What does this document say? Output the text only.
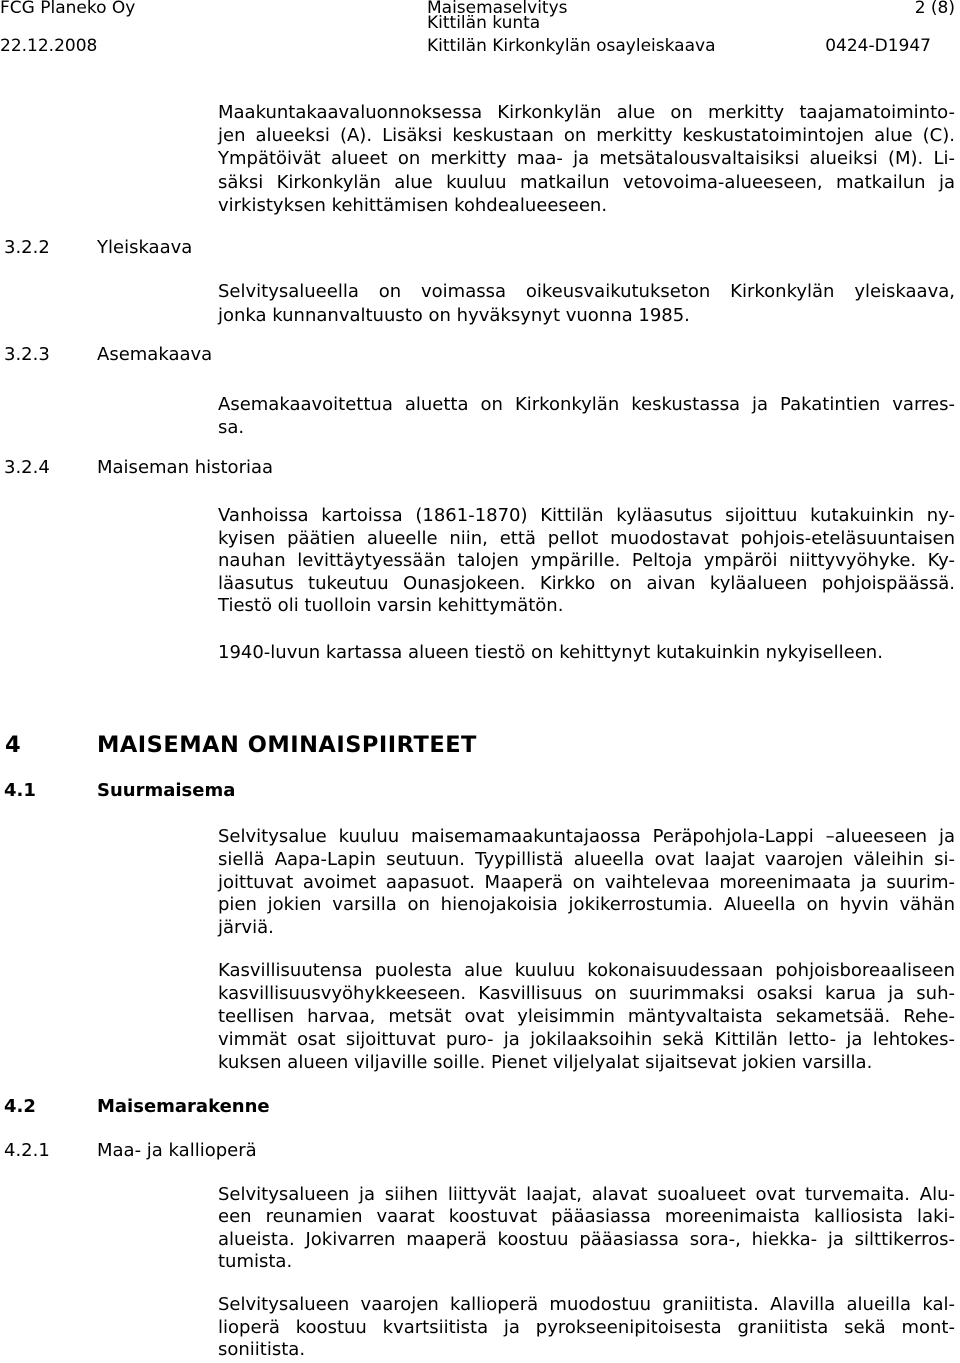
FCG Planeko Oy	Maisemaselvitys	2 (8)
Kittilän kunta
22.12.2008	Kittilän Kirkonkylän osayleiskaava	0424-D1947
Maakuntakaavaluonnoksessa Kirkonkylän alue on merkitty taajamatoiminto-
jen alueeksi (A). Lisäksi keskustaan on merkitty keskustatoimintojen alue (C).
Ympätöivät alueet on merkitty maa- ja metsätalousvaltaisiksi alueiksi (M). Li-
säksi Kirkonkylän alue kuuluu matkailun vetovoima-alueeseen, matkailun ja
virkistyksen kehittämisen kohdealueeseen.
3.2.2	Yleiskaava
Selvitysalueella on voimassa oikeusvaikutukseton Kirkonkylän yleiskaava,
jonka kunnanvaltuusto on hyväksynyt vuonna 1985.
3.2.3	Asemakaava
Asemakaavoitettua aluetta on Kirkonkylän keskustassa ja Pakatintien varres-
sa.
3.2.4	Maiseman historiaa
Vanhoissa kartoissa (1861-1870) Kittilän kyläasutus sijoittuu kutakuinkin ny-
kyisen päätien alueelle niin, että pellot muodostavat pohjois-eteläsuuntaisen
nauhan levittäytyessään talojen ympärille. Peltoja ympäröi niittyvyöhyke. Ky-
läasutus tukeutuu Ounasjokeen. Kirkko on aivan kyläalueen pohjoispäässä.
Tiestö oli tuolloin varsin kehittymätön.
1940-luvun kartassa alueen tiestö on kehittynyt kutakuinkin nykyiselleen.
4	MAISEMAN OMINAISPIIRTEET
4.1	Suurmaisema
Selvitysalue kuuluu maisemamaakuntajaossa Peräpohjola-Lappi –alueeseen ja
siellä Aapa-Lapin seutuun. Tyypillistä alueella ovat laajat vaarojen väleihin si-
joittuvat avoimet aapasuot. Maaperä on vaihtelevaa moreenimaata ja suurim-
pien jokien varsilla on hienojakoisia jokikerrostumia. Alueella on hyvin vähän
järviä.
Kasvillisuutensa puolesta alue kuuluu kokonaisuudessaan pohjoisboreaaliseen
kasvillisuusvyöhykkeeseen. Kasvillisuus on suurimmaksi osaksi karua ja suh-
teellisen harvaa, metsät ovat yleisimmin mäntyvaltaista sekametsää. Rehe-
vimmät osat sijoittuvat puro- ja jokilaaksoihin sekä Kittilän letto- ja lehtokes-
kuksen alueen viljaville soille. Pienet viljelyalat sijaitsevat jokien varsilla.
4.2	Maisemarakenne
4.2.1	Maa- ja kallioperä
Selvitysalueen ja siihen liittyvät laajat, alavat suoalueet ovat turvemaita. Alu-
een reunamien vaarat koostuvat pääasiassa moreenimaista kalliosista laki-
alueista. Jokivarren maaperä koostuu pääasiassa sora-, hiekka- ja silttikerros-
tumista.
Selvitysalueen vaarojen kallioperä muodostuu graniitista. Alavilla alueilla kal-
lioperä koostuu kvartsiitista ja pyrokseenipitoisesta graniitista sekä mont-
soniitista.
